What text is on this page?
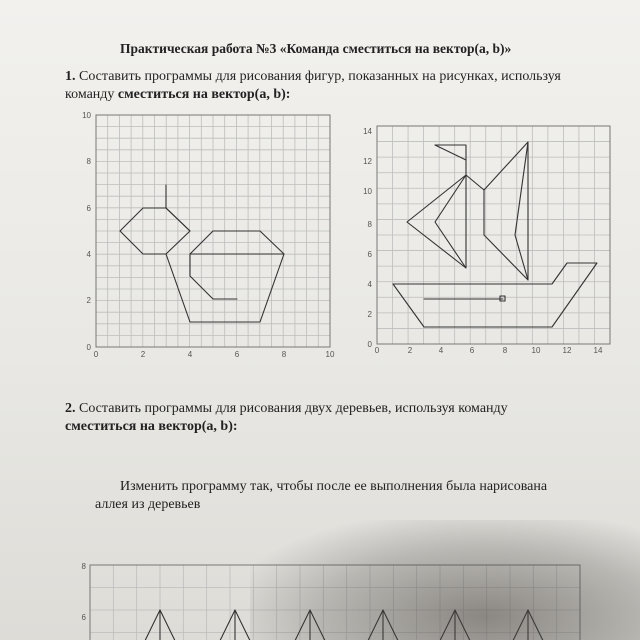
Практическая работа №3 «Команда сместиться на вектор(a, b)»
1. Составить программы для рисования фигур, показанных на рисунках, используя
команду сместиться на вектор(a, b):
2. Составить программы для рисования двух деревьев, используя команду
сместиться на вектор(a, b):
Изменить программу так, чтобы после ее выполнения была нарисована
аллея из деревьев
0	2	4	6	8	10
0
2
4
6
8
10
0	2	4	6	8	10	12	14
0
2
4
6
8
10
12
14
8
6
